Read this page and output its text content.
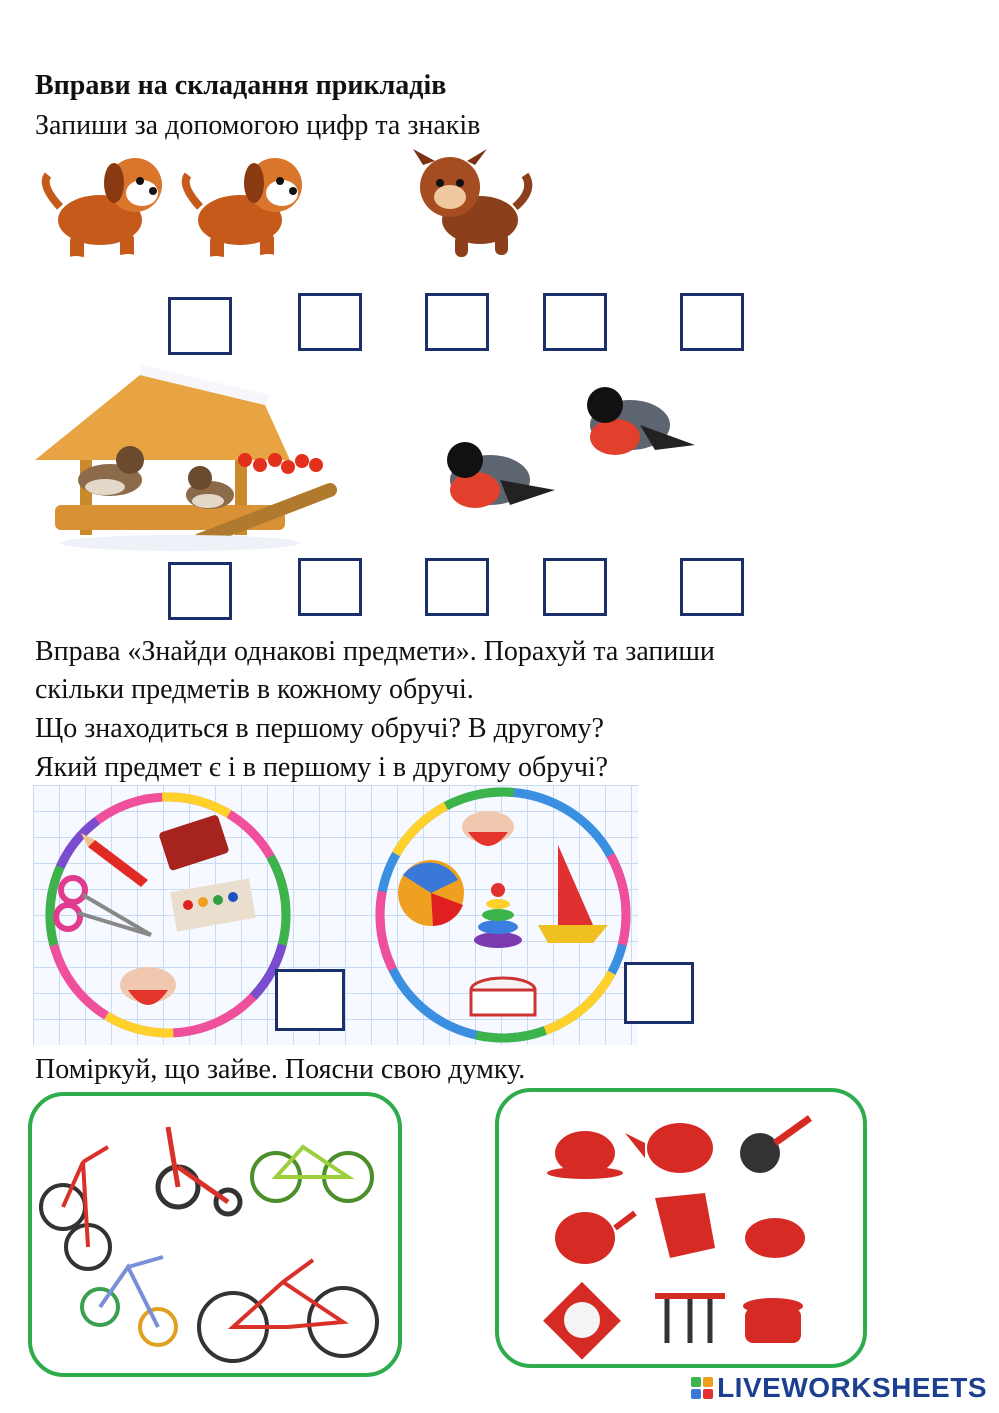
Вправи на складання прикладів
Запиши за допомогою цифр та знаків
Вправа «Знайди однакові предмети». Порахуй та запиши
скільки предметів в кожному обручі.
Що знаходиться в першому обручі? В другому?
Який предмет є і в першому і в другому обручі?
Поміркуй, що зайве. Поясни свою думку.
LIVEWORKSHEETS
